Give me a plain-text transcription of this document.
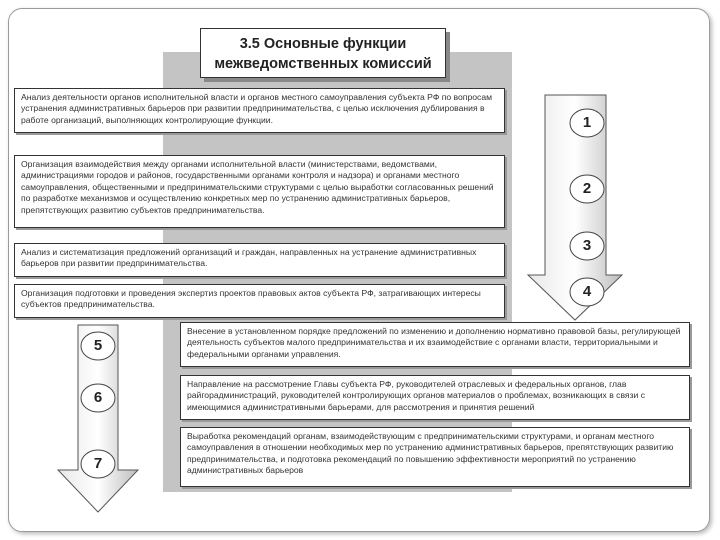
1
2
3
4
5
6
7
3.5 Основные функции межведомственных комиссий
Анализ деятельности органов исполнительной власти и органов местного самоуправления субъекта РФ по вопросам устранения административных барьеров при развитии предпринимательства, с целью исключения дублирования в работе организаций, выполняющих контролирующие функции.
Организация взаимодействия между органами исполнительной власти (министерствами, ведомствами, администрациями городов и районов, государственными органами контроля и надзора) и органами местного самоуправления, общественными и предпринимательскими структурами с целью выработки согласованных решений по разработке механизмов и осуществлению конкретных мер по устранению административных барьеров, препятствующих развитию субъектов предпринимательства.
Анализ и систематизация предложений организаций и граждан, направленных на устранение административных барьеров при развитии предпринимательства.
Организация подготовки и проведения экспертиз проектов правовых актов субъекта РФ, затрагивающих интересы субъектов предпринимательства.
Внесение в установленном порядке предложений по изменению и дополнению нормативно правовой базы, регулирующей деятельность субъектов малого предпринимательства и их взаимодействие с органами власти, территориальными и федеральными органами управления.
Направление на рассмотрение Главы субъекта РФ, руководителей отраслевых и федеральных органов, глав райгорадминистраций, руководителей контролирующих органов материалов о проблемах, возникающих в связи с имеющимися административными барьерами, для рассмотрения и принятия решений
Выработка рекомендаций органам, взаимодействующим с предпринимательскими структурами, и органам местного самоуправления в отношении необходимых мер по устранению административных барьеров, препятствующих развитию предпринимательства, и подготовка рекомендаций по повышению эффективности мероприятий по устранению административных барьеров
